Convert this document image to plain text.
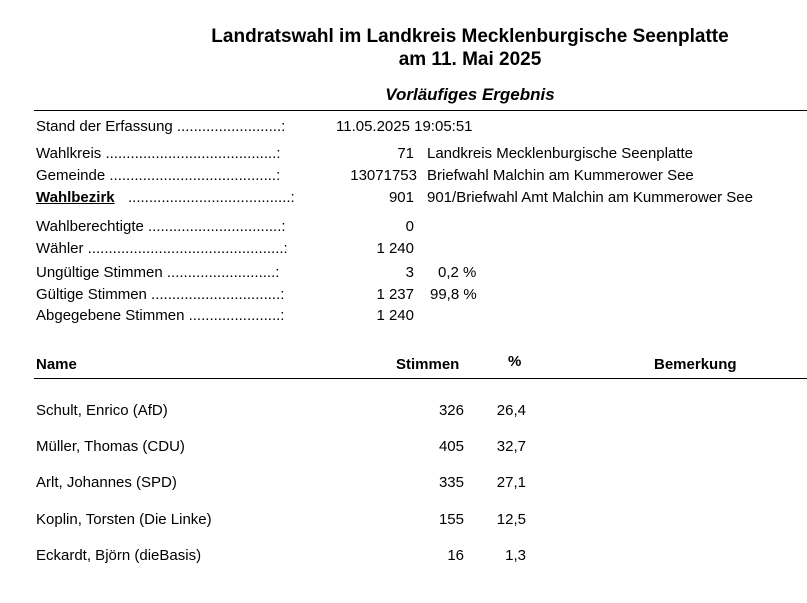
Landratswahl im Landkreis Mecklenburgische Seenplatte
am 11. Mai 2025
Vorläufiges Ergebnis
Stand der Erfassung .........................:	11.05.2025 19:05:51
Wahlkreis .........................................:	71 Landkreis Mecklenburgische Seenplatte
Gemeinde ........................................:	13071753 Briefwahl Malchin am Kummerower See
Wahlbezirk .......................................:	901 901/Briefwahl Amt Malchin am Kummerower See
Wahlberechtigte ................................:	0
Wähler ...............................................:	1 240
Ungültige Stimmen ..........................:	3 0,2 %
Gültige Stimmen ...............................:	1 237 99,8 %
Abgegebene Stimmen ......................:	1 240
Name	Stimmen	%	Bemerkung
Schult, Enrico (AfD)	326	26,4
Müller, Thomas (CDU)	405	32,7
Arlt, Johannes (SPD)	335	27,1
Koplin, Torsten (Die Linke)	155	12,5
Eckardt, Björn (dieBasis)	16	1,3
